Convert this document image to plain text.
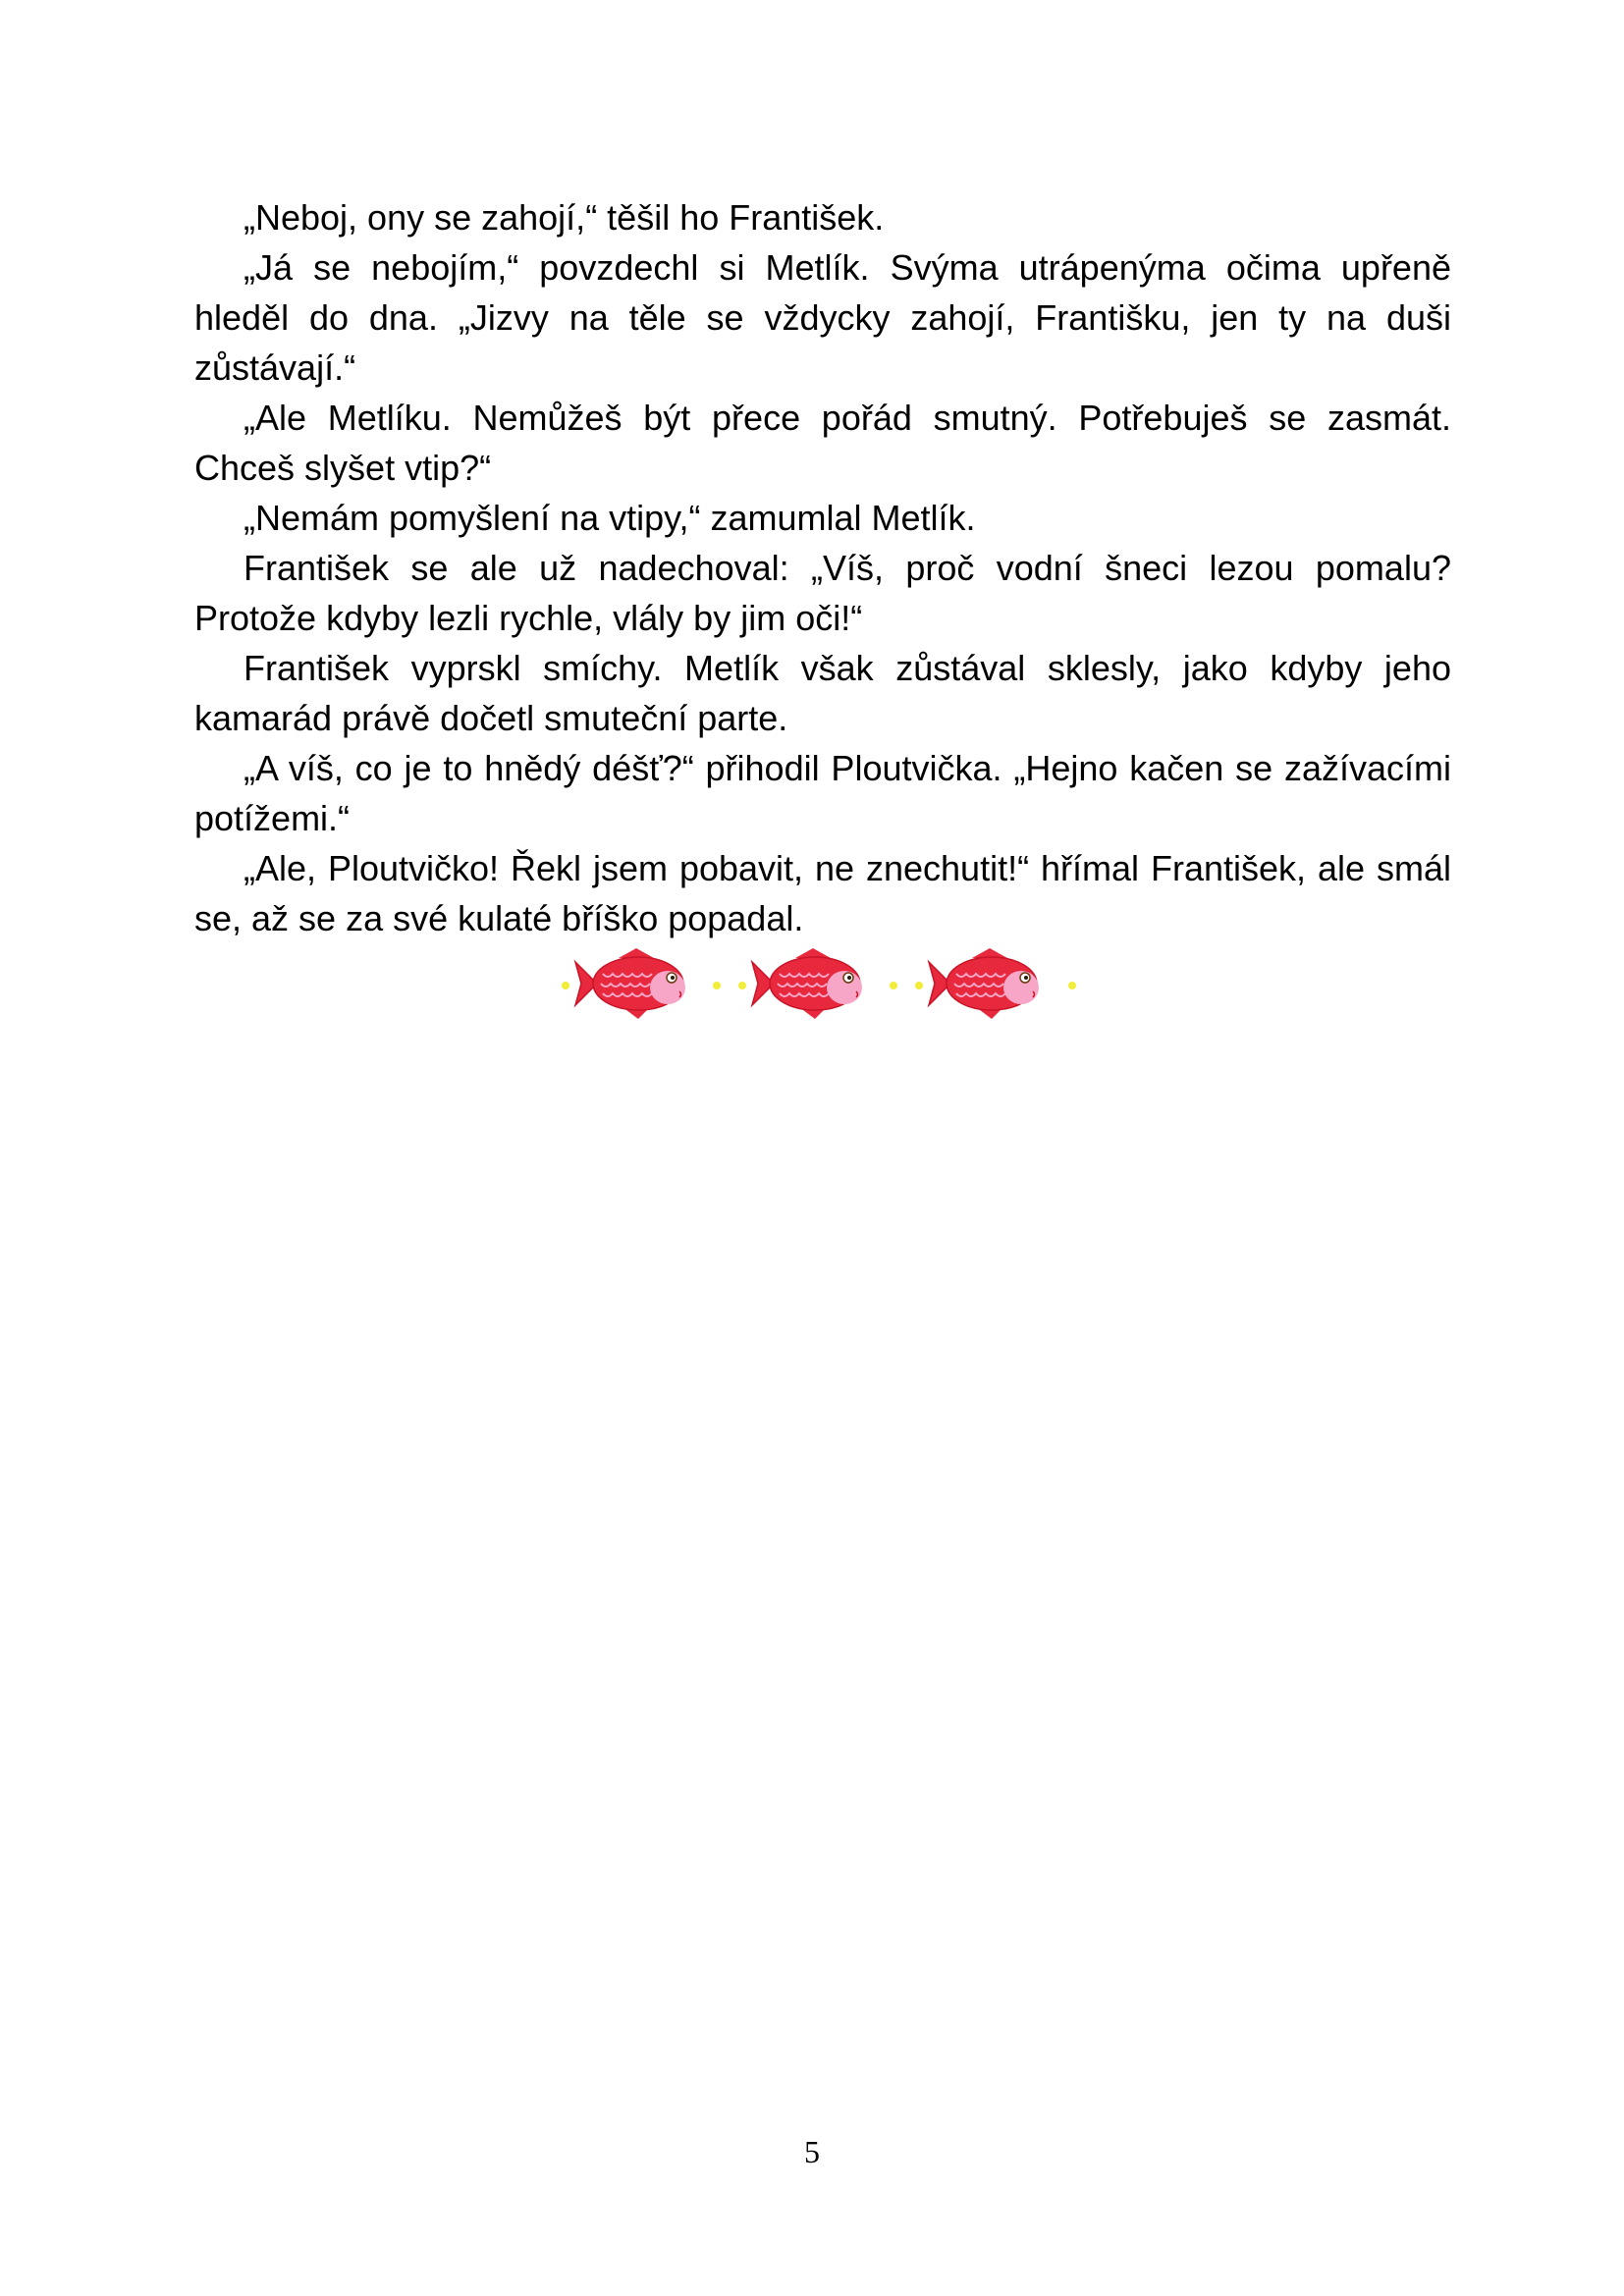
„Neboj, ony se zahojí,“ těšil ho František.

„Já se nebojím,“ povzdechl si Metlík. Svýma utrápenýma očima upřeně hleděl do dna. „Jizvy na těle se vždycky zahojí, Františku, jen ty na duši zůstávají.“

„Ale Metlíku. Nemůžeš být přece pořád smutný. Potřebuješ se zasmát. Chceš slyšet vtip?“

„Nemám pomyšlení na vtipy,“ zamumlal Metlík.

František se ale už nadechoval: „Víš, proč vodní šneci lezou pomalu? Protože kdyby lezli rychle, vlály by jim oči!“

František vyprskl smíchy. Metlík však zůstával sklesly, jako kdyby jeho kamarád právě dočetl smuteční parte.

„A víš, co je to hnědý déšť?“ přihodil Ploutvička. „Hejno kačen se zažívacími potížemi.“

„Ale, Ploutvičko! Řekl jsem pobavit, ne znechutit!“ hřímal František, ale smál se, až se za své kulaté bříško popadal.

5
